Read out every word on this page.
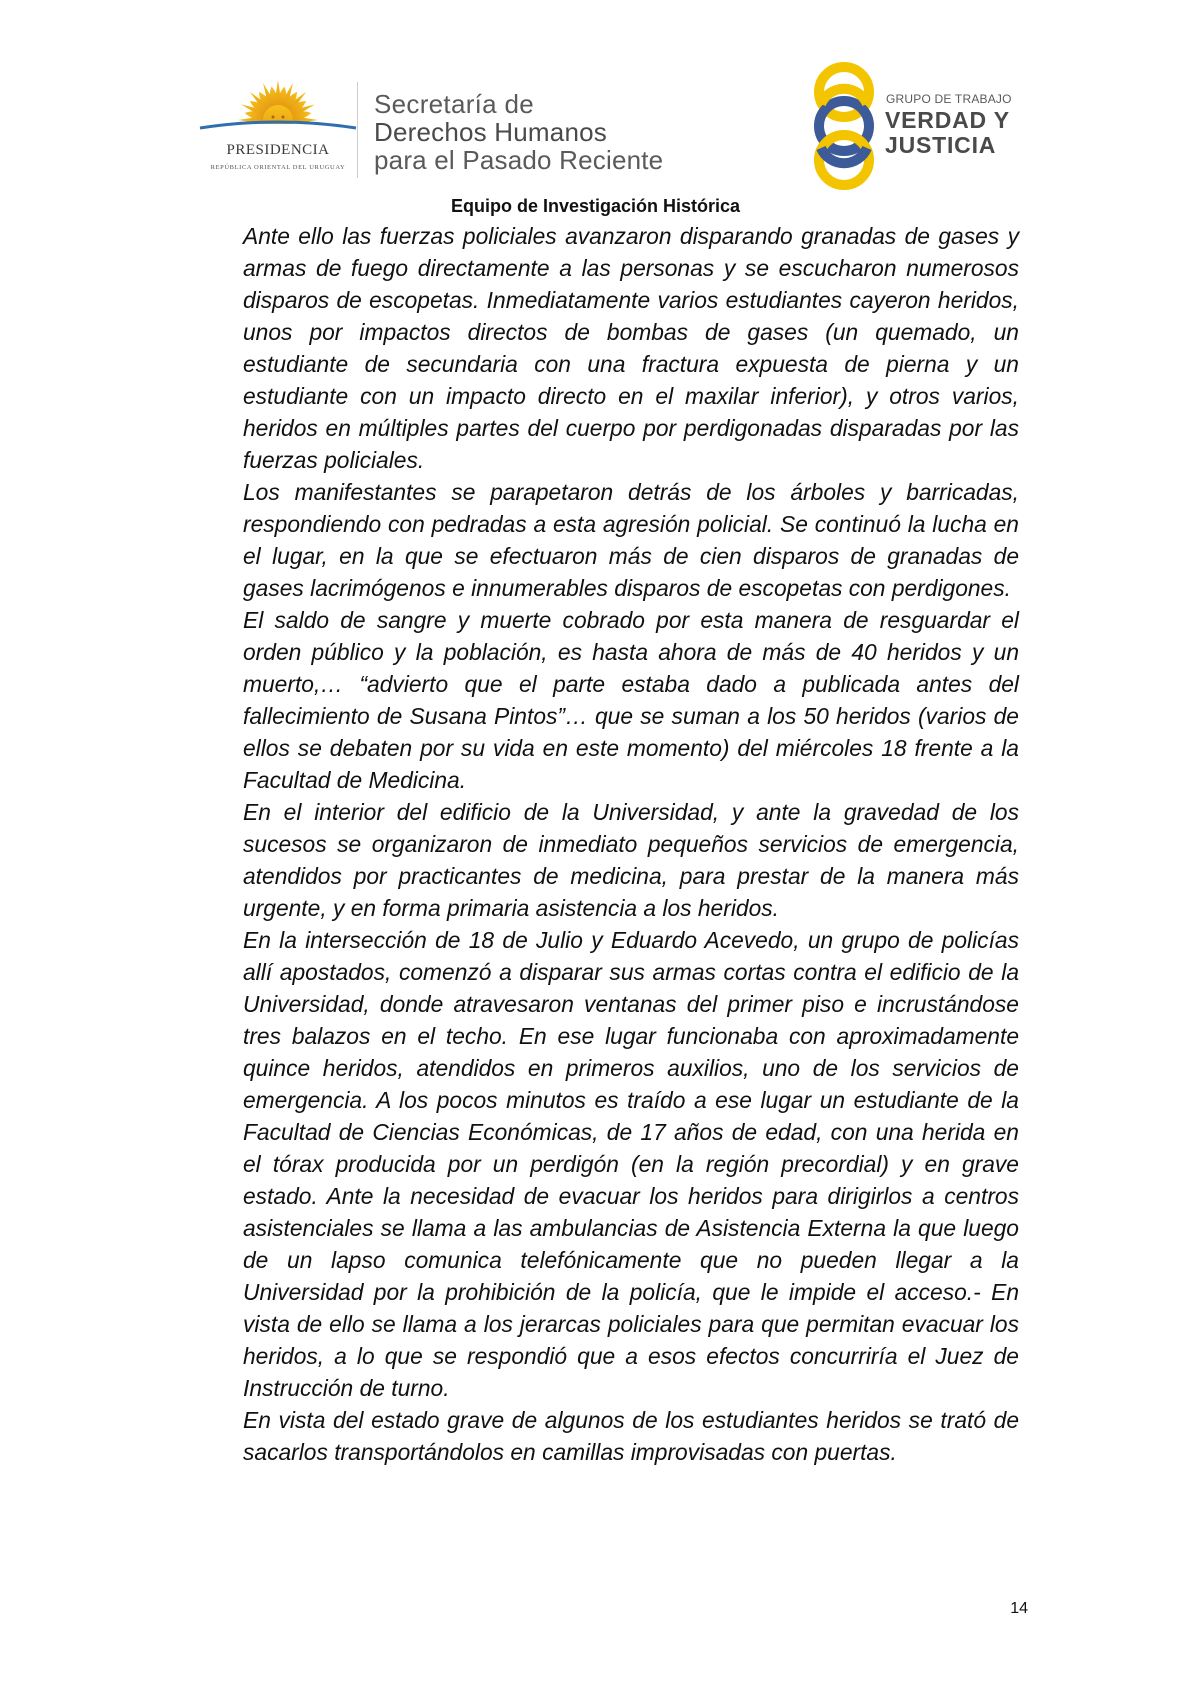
PRESIDENCIA
REPÚBLICA ORIENTAL DEL URUGUAY
Secretaría de
Derechos Humanos
para el Pasado Reciente
GRUPO DE TRABAJO
VERDAD Y
JUSTICIA
Equipo de Investigación Histórica

Ante ello las fuerzas policiales avanzaron disparando granadas de gases y armas de fuego directamente a las personas y se escucharon numerosos disparos de escopetas. Inmediatamente varios estudiantes cayeron heridos, unos por impactos directos de bombas de gases (un quemado, un estudiante de secundaria con una fractura expuesta de pierna y un estudiante con un impacto directo en el maxilar inferior), y otros varios, heridos en múltiples partes del cuerpo por perdigonadas disparadas por las fuerzas policiales.

Los manifestantes se parapetaron detrás de los árboles y barricadas, respondiendo con pedradas a esta agresión policial. Se continuó la lucha en el lugar, en la que se efectuaron más de cien disparos de granadas de gases lacrimógenos e innumerables disparos de escopetas con perdigones.

El saldo de sangre y muerte cobrado por esta manera de resguardar el orden público y la población, es hasta ahora de más de 40 heridos y un muerto,… “advierto que el parte estaba dado a publicada antes del fallecimiento de Susana Pintos”… que se suman a los 50 heridos (varios de ellos se debaten por su vida en este momento) del miércoles 18 frente a la Facultad de Medicina.

En el interior del edificio de la Universidad, y ante la gravedad de los sucesos se organizaron de inmediato pequeños servicios de emergencia, atendidos por practicantes de medicina, para prestar de la manera más urgente, y en forma primaria asistencia a los heridos.

En la intersección de 18 de Julio y Eduardo Acevedo, un grupo de policías allí apostados, comenzó a disparar sus armas cortas contra el edificio de la Universidad, donde atravesaron ventanas del primer piso e incrustándose tres balazos en el techo. En ese lugar funcionaba con aproximadamente quince heridos, atendidos en primeros auxilios, uno de los servicios de emergencia. A los pocos minutos es traído a ese lugar un estudiante de la Facultad de Ciencias Económicas, de 17 años de edad, con una herida en el tórax producida por un perdigón (en la región precordial) y en grave estado. Ante la necesidad de evacuar los heridos para dirigirlos a centros asistenciales se llama a las ambulancias de Asistencia Externa la que luego de un lapso comunica telefónicamente que no pueden llegar a la Universidad por la prohibición de la policía, que le impide el acceso.- En vista de ello se llama a los jerarcas policiales para que permitan evacuar los heridos, a lo que se respondió que a esos efectos concurriría el Juez de Instrucción de turno.

En vista del estado grave de algunos de los estudiantes heridos se trató de sacarlos transportándolos en camillas improvisadas con puertas.

14
